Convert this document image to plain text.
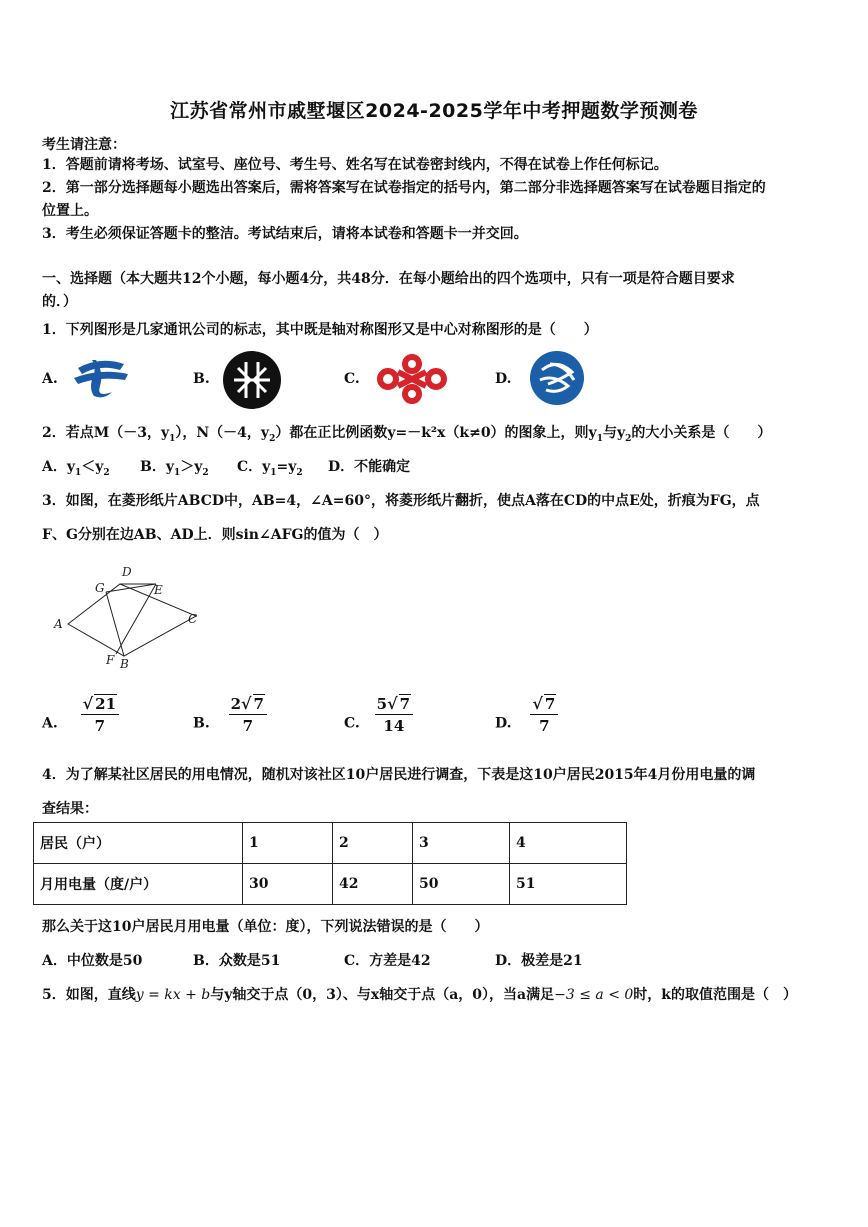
江苏省常州市戚墅堰区2024-2025学年中考押题数学预测卷
考生请注意：
1．答题前请将考场、试室号、座位号、考生号、姓名写在试卷密封线内，不得在试卷上作任何标记。
2．第一部分选择题每小题选出答案后，需将答案写在试卷指定的括号内，第二部分非选择题答案写在试卷题目指定的
位置上。
3．考生必须保证答题卡的整洁。考试结束后，请将本试卷和答题卡一并交回。
一、选择题（本大题共12个小题，每小题4分，共48分．在每小题给出的四个选项中，只有一项是符合题目要求
的．）
1．下列图形是几家通讯公司的标志，其中既是轴对称图形又是中心对称图形的是（　　）
A.	B.	C.	D.
2．若点M（－3，$y_1$），N（－4，$y_2$）都在正比例函数y=－k²x（k≠0）的图象上，则$y_1$与$y_2$的大小关系是（　　）
A．$y_1<y_2$ B．$y_1>y_2$ C．$y_1=y_2$ D．不能确定
3．如图，在菱形纸片ABCD中，AB=4，∠A=60°，将菱形纸片翻折，使点A落在CD的中点E处，折痕为FG，点
F、G分别在边AB、AD上．则sin∠AFG的值为（　）
A
D
E
C
G
F B
A. $\frac{√ 21}{7}$	B. $\frac{2√ 7}{7}$	C. $\frac{5√ 7}{14}$	D. $\frac{√ 7}{7}$
4．为了解某社区居民的用电情况，随机对该社区10户居民进行调查，下表是这10户居民2015年4月份用电量的调
查结果：
居民（户）	1	2	3	4
月用电量（度/户）	30	42	50	51
那么关于这10户居民月用电量（单位：度），下列说法错误的是（　　）
A．中位数是50	B．众数是51	C．方差是42	D．极差是21
5．如图，直线y = kx + b与y轴交于点（0，3）、与x轴交于点（a，0），当a满足−3 ≤ a < 0时，k的取值范围是（　）
